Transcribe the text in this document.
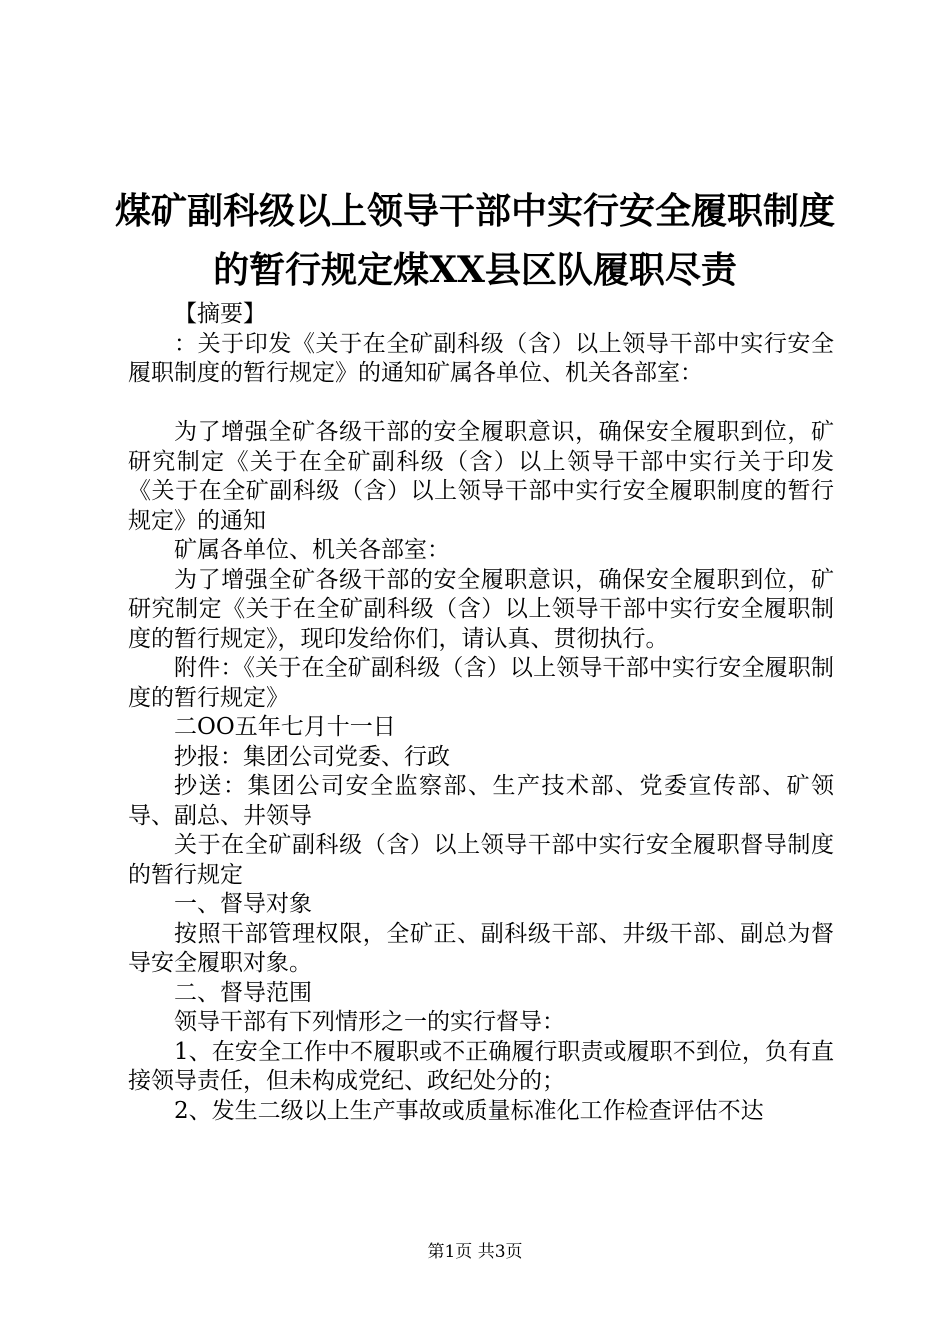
煤矿副科级以上领导干部中实行安全履职制度
的暂行规定煤XX县区队履职尽责

【摘要】

：关于印发《关于在全矿副科级（含）以上领导干部中实行安全履职制度的暂行规定》的通知矿属各单位、机关各部室：

为了增强全矿各级干部的安全履职意识，确保安全履职到位，矿研究制定《关于在全矿副科级（含）以上领导干部中实行关于印发《关于在全矿副科级（含）以上领导干部中实行安全履职制度的暂行规定》的通知

矿属各单位、机关各部室：

为了增强全矿各级干部的安全履职意识，确保安全履职到位，矿研究制定《关于在全矿副科级（含）以上领导干部中实行安全履职制度的暂行规定》，现印发给你们，请认真、贯彻执行。

附件：《关于在全矿副科级（含）以上领导干部中实行安全履职制度的暂行规定》

二OO五年七月十一日

抄报：集团公司党委、行政

抄送：集团公司安全监察部、生产技术部、党委宣传部、矿领导、副总、井领导

关于在全矿副科级（含）以上领导干部中实行安全履职督导制度的暂行规定

一、督导对象

按照干部管理权限，全矿正、副科级干部、井级干部、副总为督导安全履职对象。

二、督导范围

领导干部有下列情形之一的实行督导：

1、在安全工作中不履职或不正确履行职责或履职不到位，负有直接领导责任，但未构成党纪、政纪处分的；

2、发生二级以上生产事故或质量标准化工作检查评估不达

第1页 共3页
